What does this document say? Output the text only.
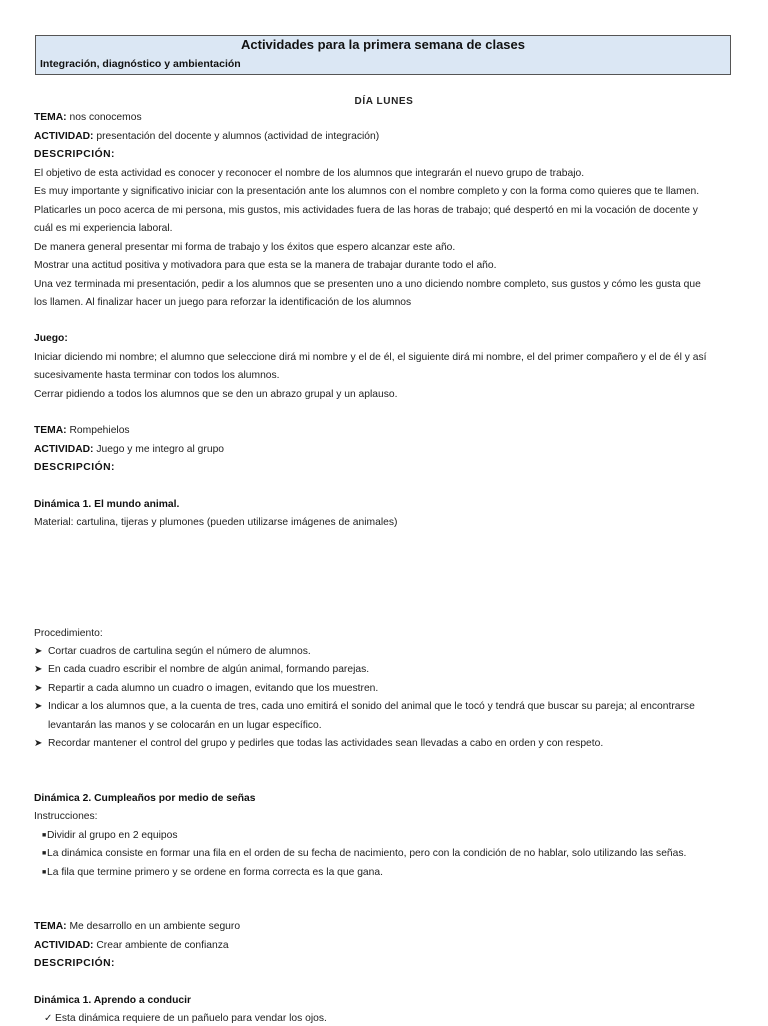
Actividades para la primera semana de clases
Integración, diagnóstico y ambientación
DÍA LUNES
TEMA: nos conocemos
ACTIVIDAD: presentación del docente y alumnos (actividad de integración)
DESCRIPCIÓN:
El objetivo de esta actividad es conocer y reconocer el nombre de los alumnos que integrarán el nuevo grupo de trabajo.
Es muy importante y significativo iniciar con la presentación ante los alumnos con el nombre completo y con la forma como quieres que te llamen.
Platicarles un poco acerca de mi persona, mis gustos, mis actividades fuera de las horas de trabajo; qué despertó en mi la vocación de docente y
cuál es mi experiencia laboral.
De manera general presentar mi forma de trabajo y los éxitos que espero alcanzar este año.
Mostrar una actitud positiva y motivadora para que esta se la manera de trabajar durante todo el año.
Una vez terminada mi presentación, pedir a los alumnos que se presenten uno a uno diciendo nombre completo, sus gustos y cómo les gusta que
los llamen. Al finalizar hacer un juego para reforzar la identificación de los alumnos
Juego:
Iniciar diciendo mi nombre; el alumno que seleccione dirá mi nombre y el de él, el siguiente dirá mi nombre, el del primer compañero y el de él y así
sucesivamente hasta terminar con todos los alumnos.
Cerrar pidiendo a todos los alumnos que se den un abrazo grupal y un aplauso.
TEMA: Rompehielos
ACTIVIDAD: Juego y me integro al grupo
DESCRIPCIÓN:
Dinámica 1. El mundo animal.
Material: cartulina, tijeras y plumones (pueden utilizarse imágenes de animales)
Procedimiento:
➤ Cortar cuadros de cartulina según el número de alumnos.
➤ En cada cuadro escribir el nombre de algún animal, formando parejas.
➤ Repartir a cada alumno un cuadro o imagen, evitando que los muestren.
➤ Indicar a los alumnos que, a la cuenta de tres, cada uno emitirá el sonido del animal que le tocó y tendrá que buscar su pareja; al encontrarse
levantarán las manos y se colocarán en un lugar específico.
➤ Recordar mantener el control del grupo y pedirles que todas las actividades sean llevadas a cabo en orden y con respeto.
Dinámica 2. Cumpleaños por medio de señas
Instrucciones:
■ Dividir al grupo en 2 equipos
■ La dinámica consiste en formar una fila en el orden de su fecha de nacimiento, pero con la condición de no hablar, solo utilizando las señas.
■ La fila que termine primero y se ordene en forma correcta es la que gana.
TEMA: Me desarrollo en un ambiente seguro
ACTIVIDAD: Crear ambiente de confianza
DESCRIPCIÓN:
Dinámica 1. Aprendo a conducir
✓ Esta dinámica requiere de un pañuelo para vendar los ojos.
